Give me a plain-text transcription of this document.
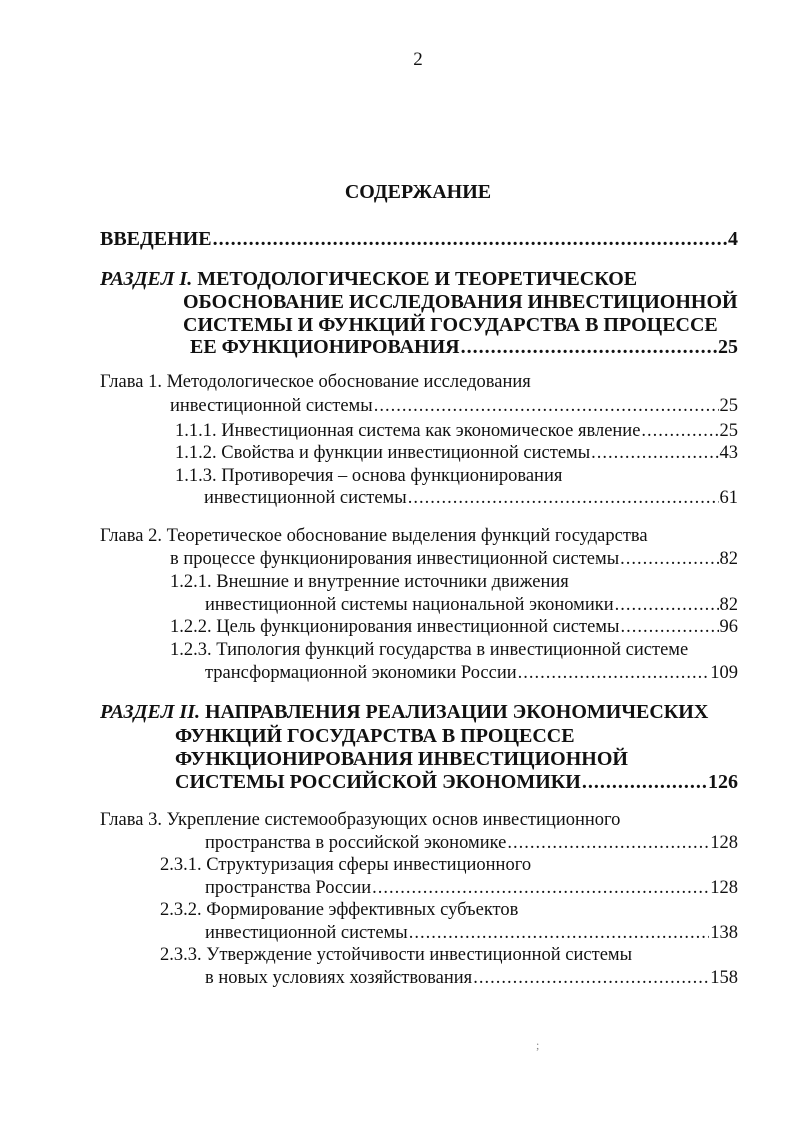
2
СОДЕРЖАНИЕ
ВВЕДЕНИЕ .....	4
РАЗДЕЛ I. МЕТОДОЛОГИЧЕСКОЕ И ТЕОРЕТИЧЕСКОЕ
ОБОСНОВАНИЕ ИССЛЕДОВАНИЯ ИНВЕСТИЦИОННОЙ
СИСТЕМЫ И ФУНКЦИЙ ГОСУДАРСТВА В ПРОЦЕССЕ
ЕЕ ФУНКЦИОНИРОВАНИЯ .....	25
Глава 1. Методологическое обоснование исследования
инвестиционной системы .....	25
1.1.1. Инвестиционная система как экономическое явление .....	25
1.1.2. Свойства и функции инвестиционной системы .....	43
1.1.3. Противоречия – основа функционирования
инвестиционной системы .....	61
Глава 2. Теоретическое обоснование выделения функций государства
в процессе функционирования инвестиционной системы .....	82
1.2.1. Внешние и внутренние источники движения
инвестиционной системы национальной экономики .....	82
1.2.2. Цель функционирования инвестиционной системы .....	96
1.2.3. Типология функций государства в инвестиционной системе
трансформационной экономики России .....	109
РАЗДЕЛ II. НАПРАВЛЕНИЯ РЕАЛИЗАЦИИ ЭКОНОМИЧЕСКИХ
ФУНКЦИЙ ГОСУДАРСТВА В ПРОЦЕССЕ
ФУНКЦИОНИРОВАНИЯ ИНВЕСТИЦИОННОЙ
СИСТЕМЫ РОССИЙСКОЙ ЭКОНОМИКИ .....	126
Глава 3. Укрепление системообразующих основ инвестиционного
пространства в российской экономике .....	128
2.3.1. Структуризация сферы инвестиционного
пространства России .....	128
2.3.2. Формирование эффективных субъектов
инвестиционной системы .....	138
2.3.3. Утверждение устойчивости инвестиционной системы
в новых условиях хозяйствования .....	158
;
